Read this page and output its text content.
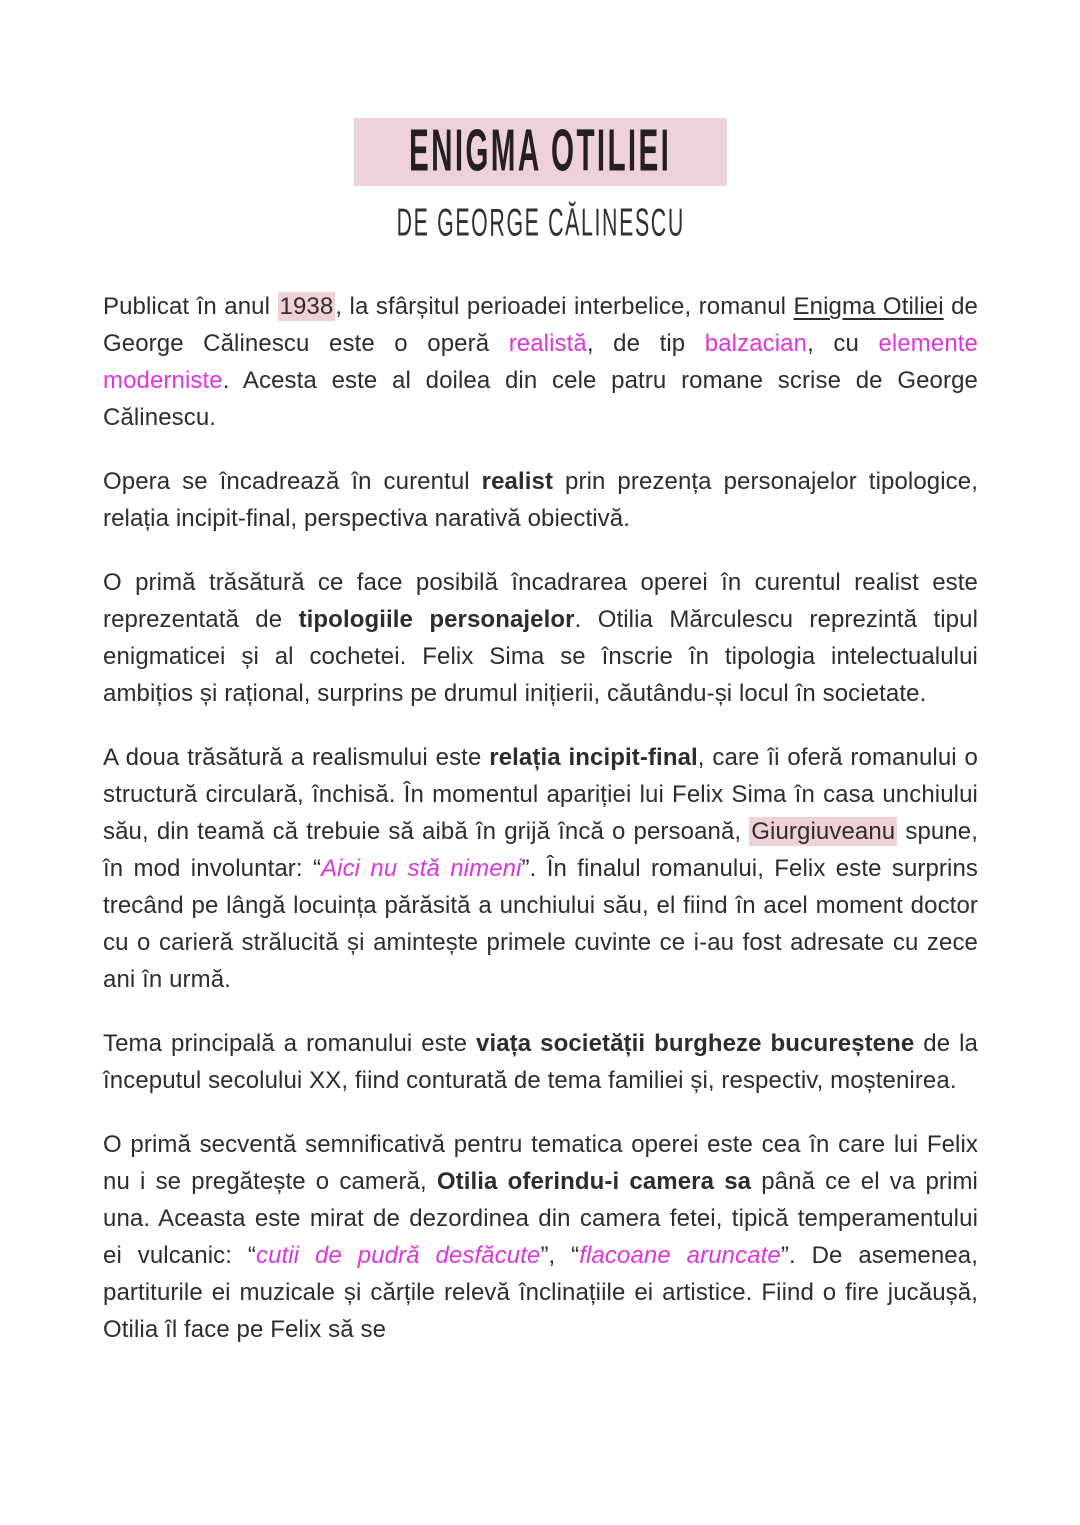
ENIGMA OTILIEI
DE GEORGE CĂLINESCU

Publicat în anul 1938, la sfârșitul perioadei interbelice, romanul Enigma Otiliei de George Călinescu este o operă realistă, de tip balzacian, cu elemente moderniste. Acesta este al doilea din cele patru romane scrise de George Călinescu.

Opera se încadrează în curentul realist prin prezența personajelor tipologice, relația incipit-final, perspectiva narativă obiectivă.

O primă trăsătură ce face posibilă încadrarea operei în curentul realist este reprezentată de tipologiile personajelor. Otilia Mărculescu reprezintă tipul enigmaticei și al cochetei. Felix Sima se înscrie în tipologia intelectualului ambițios și rațional, surprins pe drumul inițierii, căutându-și locul în societate.

A doua trăsătură a realismului este relația incipit-final, care îi oferă romanului o structură circulară, închisă. În momentul apariției lui Felix Sima în casa unchiului său, din teamă că trebuie să aibă în grijă încă o persoană, Giurgiuveanu spune, în mod involuntar: “Aici nu stă nimeni”. În finalul romanului, Felix este surprins trecând pe lângă locuința părăsită a unchiului său, el fiind în acel moment doctor cu o carieră strălucită și amintește primele cuvinte ce i-au fost adresate cu zece ani în urmă.

Tema principală a romanului este viața societății burgheze bucureștene de la începutul secolului XX, fiind conturată de tema familiei și, respectiv, moștenirea.

O primă secventă semnificativă pentru tematica operei este cea în care lui Felix nu i se pregătește o cameră, Otilia oferindu-i camera sa până ce el va primi una. Aceasta este mirat de dezordinea din camera fetei, tipică temperamentului ei vulcanic: “cutii de pudră desfăcute”, “flacoane aruncate”. De asemenea, partiturile ei muzicale și cărțile relevă înclinațiile ei artistice. Fiind o fire jucăușă, Otilia îl face pe Felix să se
